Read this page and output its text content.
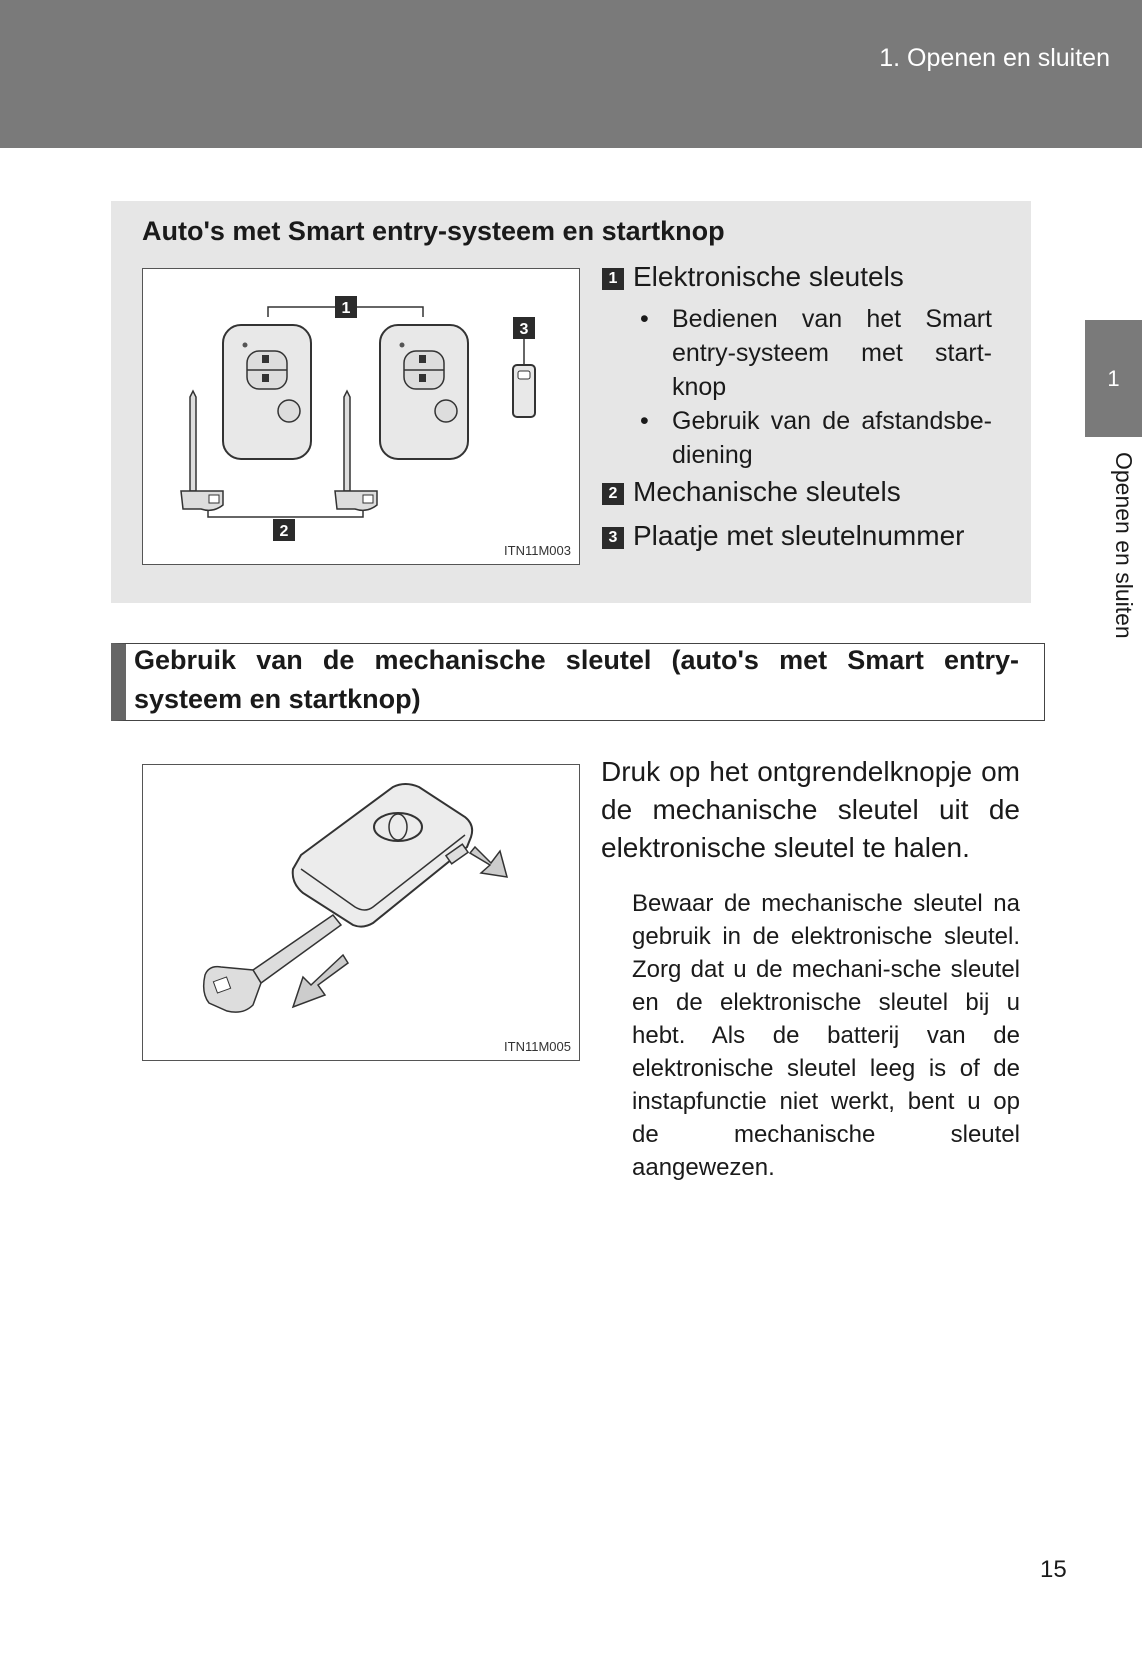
1. Openen en sluiten
1
Openen en sluiten
Auto's met Smart entry-systeem en startknop
1
2
3
ITN11M003
1 Elektronische sleutels
• Bedienen van het Smart entry-systeem met start-knop
• Gebruik van de afstandsbe-diening
2 Mechanische sleutels
3 Plaatje met sleutelnummer
Gebruik van de mechanische sleutel (auto's met Smart entry-systeem en startknop)
ITN11M005
Druk op het ontgrendelknopje om de mechanische sleutel uit de elektronische sleutel te halen.
Bewaar de mechanische sleutel na gebruik in de elektronische sleutel. Zorg dat u de mechani-sche sleutel en de elektronische sleutel bij u hebt. Als de batterij van de elektronische sleutel leeg is of de instapfunctie niet werkt, bent u op de mechanische sleutel aangewezen.
15
